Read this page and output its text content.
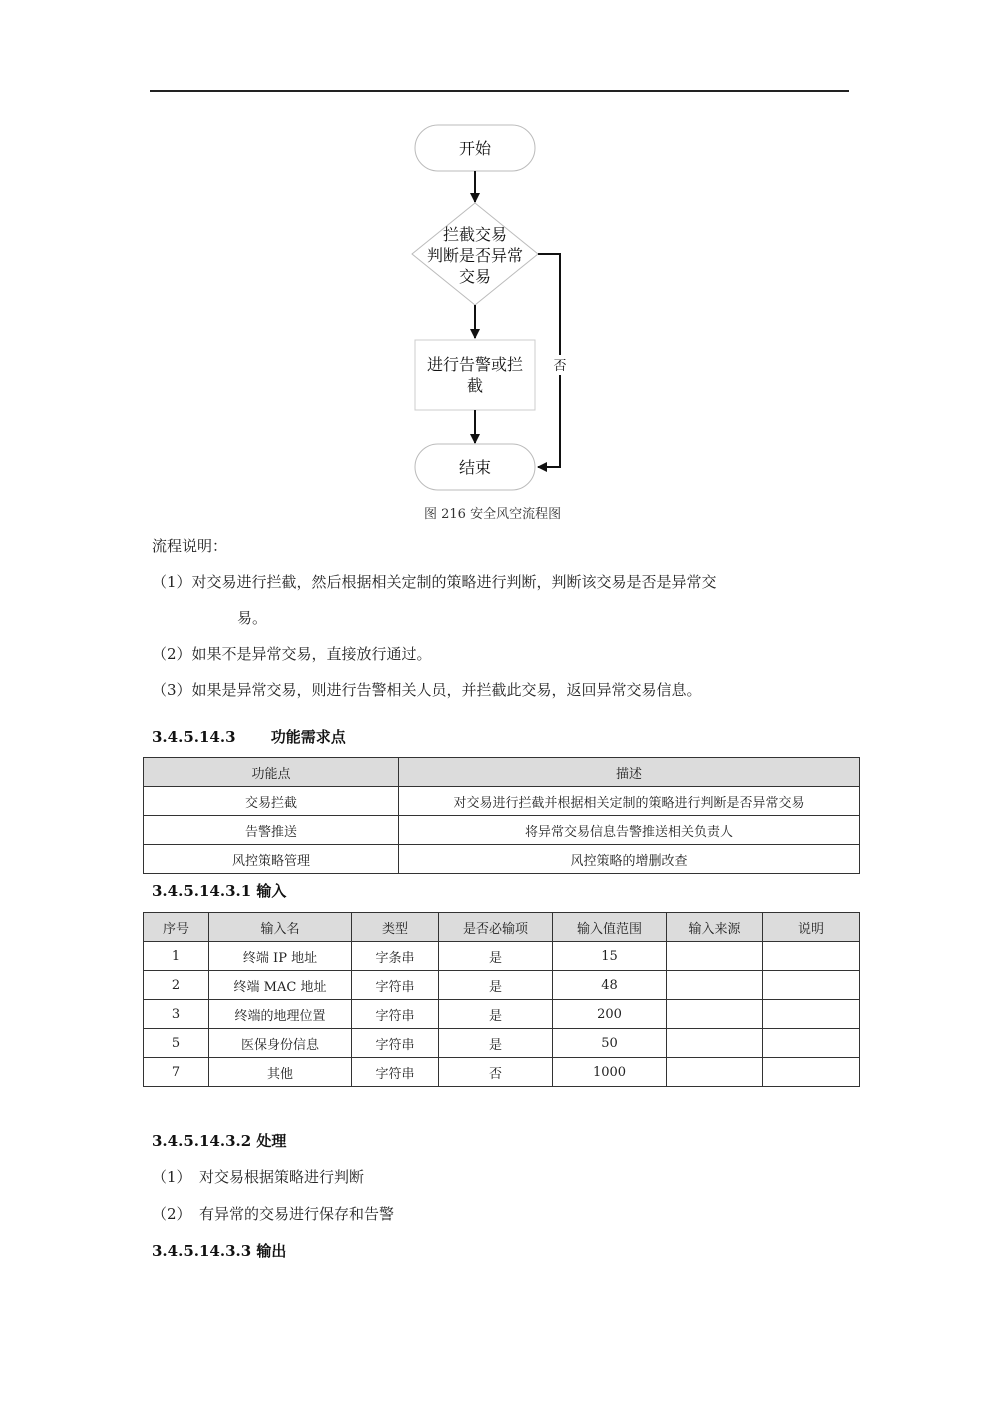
开始
拦截交易
判断是否异常
交易
进行告警或拦
截
结束
否
图 216 安全风空流程图
流程说明：
（1）对交易进行拦截，然后根据相关定制的策略进行判断，判断该交易是否是异常交
易。
（2）如果不是异常交易，直接放行通过。
（3）如果是异常交易，则进行告警相关人员，并拦截此交易，返回异常交易信息。
3.4.5.14.3 功能需求点
功能点	描述
交易拦截	对交易进行拦截并根据相关定制的策略进行判断是否异常交易
告警推送	将异常交易信息告警推送相关负责人
风控策略管理	风控策略的增删改查
3.4.5.14.3.1 输入
序号	输入名	类型	是否必输项	输入值范围	输入来源	说明
1	终端 IP 地址	字条串	是	15		
2	终端 MAC 地址	字符串	是	48		
3	终端的地理位置	字符串	是	200		
5	医保身份信息	字符串	是	50		
7	其他	字符串	否	1000		
3.4.5.14.3.2 处理
（1）　对交易根据策略进行判断
（2）　有异常的交易进行保存和告警
3.4.5.14.3.3 输出
